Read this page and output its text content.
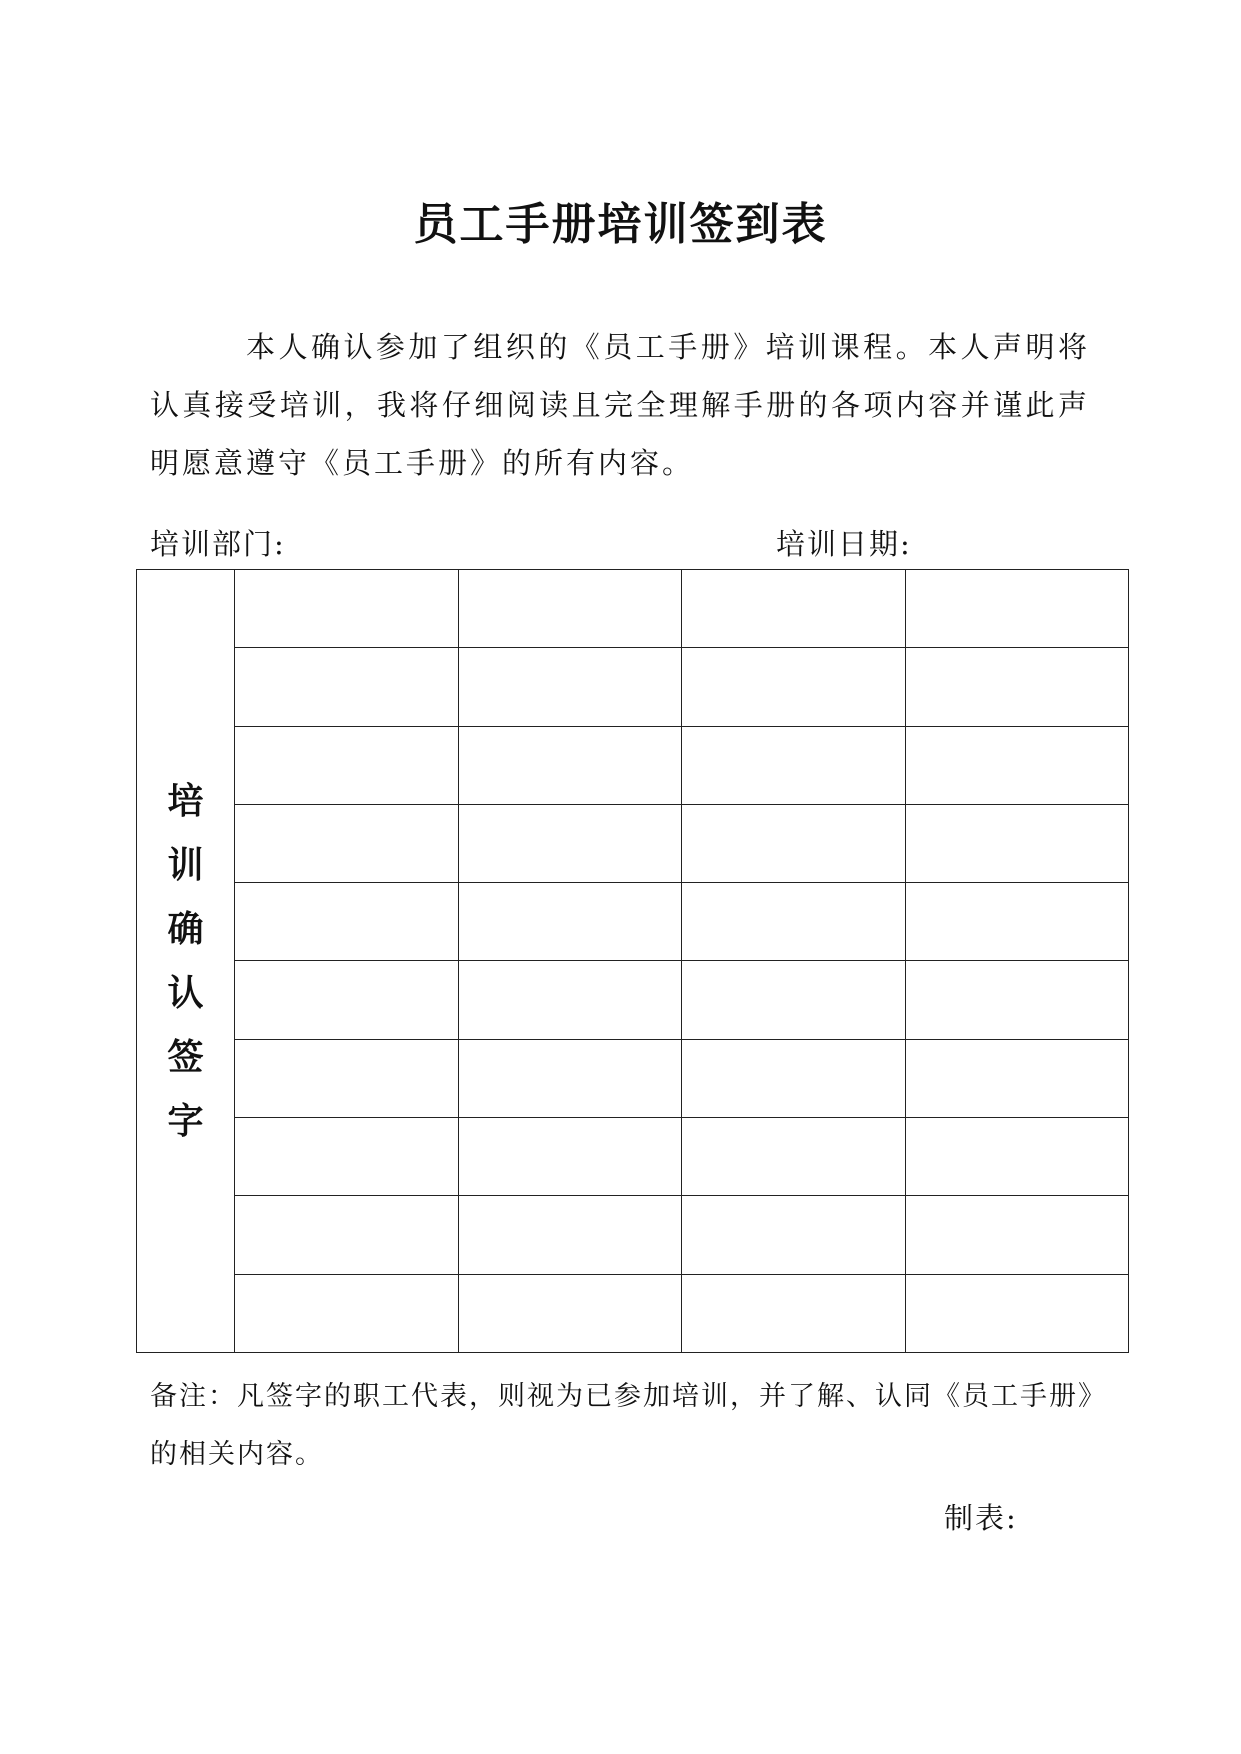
员工手册培训签到表

本人确认参加了组织的《员工手册》培训课程。本人声明将认真接受培训，我将仔细阅读且完全理解手册的各项内容并谨此声明愿意遵守《员工手册》的所有内容。

培训部门:	培训日期:
培训确认签字				

备注：凡签字的职工代表，则视为已参加培训，并了解、认同《员工手册》的相关内容。

制表:
